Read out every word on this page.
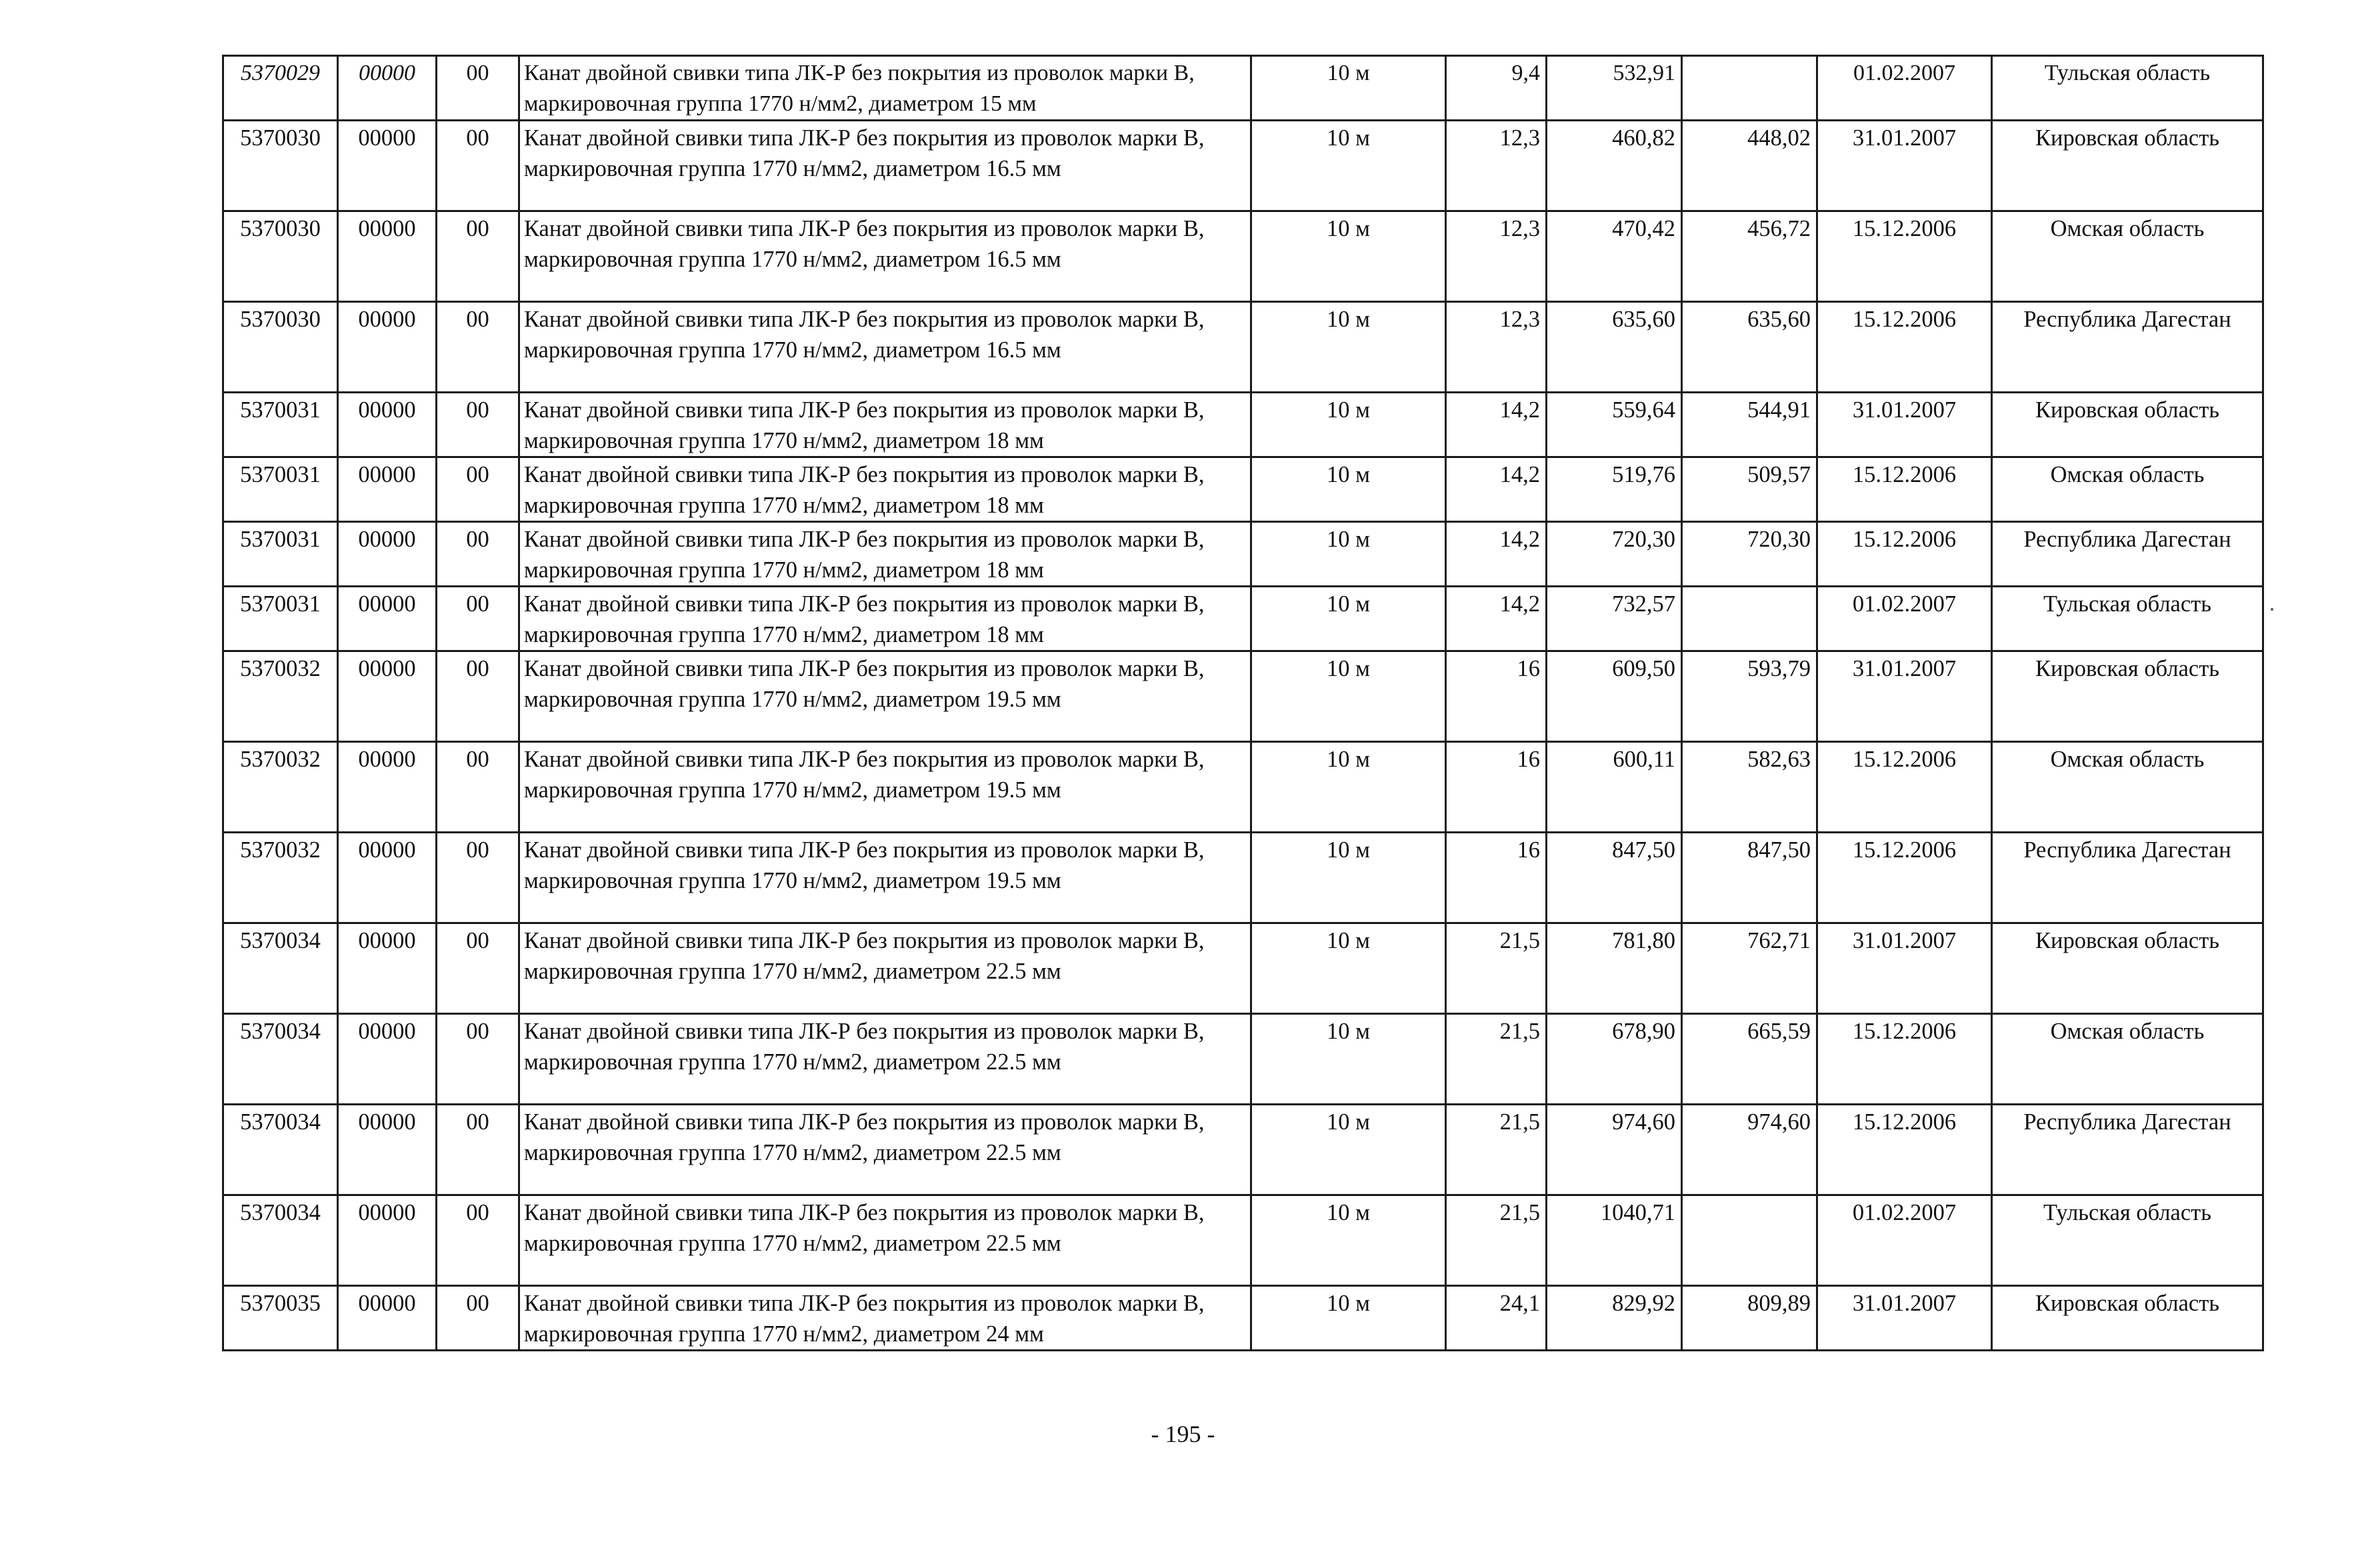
5370029	00000	00	Канат двойной свивки типа ЛК-Р без покрытия из проволок марки В, маркировочная группа 1770 н/мм2, диаметром 15 мм	10 м	9,4	532,91		01.02.2007	Тульская область
5370030	00000	00	Канат двойной свивки типа ЛК-Р без покрытия из проволок марки В, маркировочная группа 1770 н/мм2, диаметром 16.5 мм	10 м	12,3	460,82	448,02	31.01.2007	Кировская область
5370030	00000	00	Канат двойной свивки типа ЛК-Р без покрытия из проволок марки В, маркировочная группа 1770 н/мм2, диаметром 16.5 мм	10 м	12,3	470,42	456,72	15.12.2006	Омская область
5370030	00000	00	Канат двойной свивки типа ЛК-Р без покрытия из проволок марки В, маркировочная группа 1770 н/мм2, диаметром 16.5 мм	10 м	12,3	635,60	635,60	15.12.2006	Республика Дагестан
5370031	00000	00	Канат двойной свивки типа ЛК-Р без покрытия из проволок марки В, маркировочная группа 1770 н/мм2, диаметром 18 мм	10 м	14,2	559,64	544,91	31.01.2007	Кировская область
5370031	00000	00	Канат двойной свивки типа ЛК-Р без покрытия из проволок марки В, маркировочная группа 1770 н/мм2, диаметром 18 мм	10 м	14,2	519,76	509,57	15.12.2006	Омская область
5370031	00000	00	Канат двойной свивки типа ЛК-Р без покрытия из проволок марки В, маркировочная группа 1770 н/мм2, диаметром 18 мм	10 м	14,2	720,30	720,30	15.12.2006	Республика Дагестан
5370031	00000	00	Канат двойной свивки типа ЛК-Р без покрытия из проволок марки В, маркировочная группа 1770 н/мм2, диаметром 18 мм	10 м	14,2	732,57		01.02.2007	Тульская область
5370032	00000	00	Канат двойной свивки типа ЛК-Р без покрытия из проволок марки В, маркировочная группа 1770 н/мм2, диаметром 19.5 мм	10 м	16	609,50	593,79	31.01.2007	Кировская область
5370032	00000	00	Канат двойной свивки типа ЛК-Р без покрытия из проволок марки В, маркировочная группа 1770 н/мм2, диаметром 19.5 мм	10 м	16	600,11	582,63	15.12.2006	Омская область
5370032	00000	00	Канат двойной свивки типа ЛК-Р без покрытия из проволок марки В, маркировочная группа 1770 н/мм2, диаметром 19.5 мм	10 м	16	847,50	847,50	15.12.2006	Республика Дагестан
5370034	00000	00	Канат двойной свивки типа ЛК-Р без покрытия из проволок марки В, маркировочная группа 1770 н/мм2, диаметром 22.5 мм	10 м	21,5	781,80	762,71	31.01.2007	Кировская область
5370034	00000	00	Канат двойной свивки типа ЛК-Р без покрытия из проволок марки В, маркировочная группа 1770 н/мм2, диаметром 22.5 мм	10 м	21,5	678,90	665,59	15.12.2006	Омская область
5370034	00000	00	Канат двойной свивки типа ЛК-Р без покрытия из проволок марки В, маркировочная группа 1770 н/мм2, диаметром 22.5 мм	10 м	21,5	974,60	974,60	15.12.2006	Республика Дагестан
5370034	00000	00	Канат двойной свивки типа ЛК-Р без покрытия из проволок марки В, маркировочная группа 1770 н/мм2, диаметром 22.5 мм	10 м	21,5	1040,71		01.02.2007	Тульская область
5370035	00000	00	Канат двойной свивки типа ЛК-Р без покрытия из проволок марки В, маркировочная группа 1770 н/мм2, диаметром 24 мм	10 м	24,1	829,92	809,89	31.01.2007	Кировская область
- 195 -
